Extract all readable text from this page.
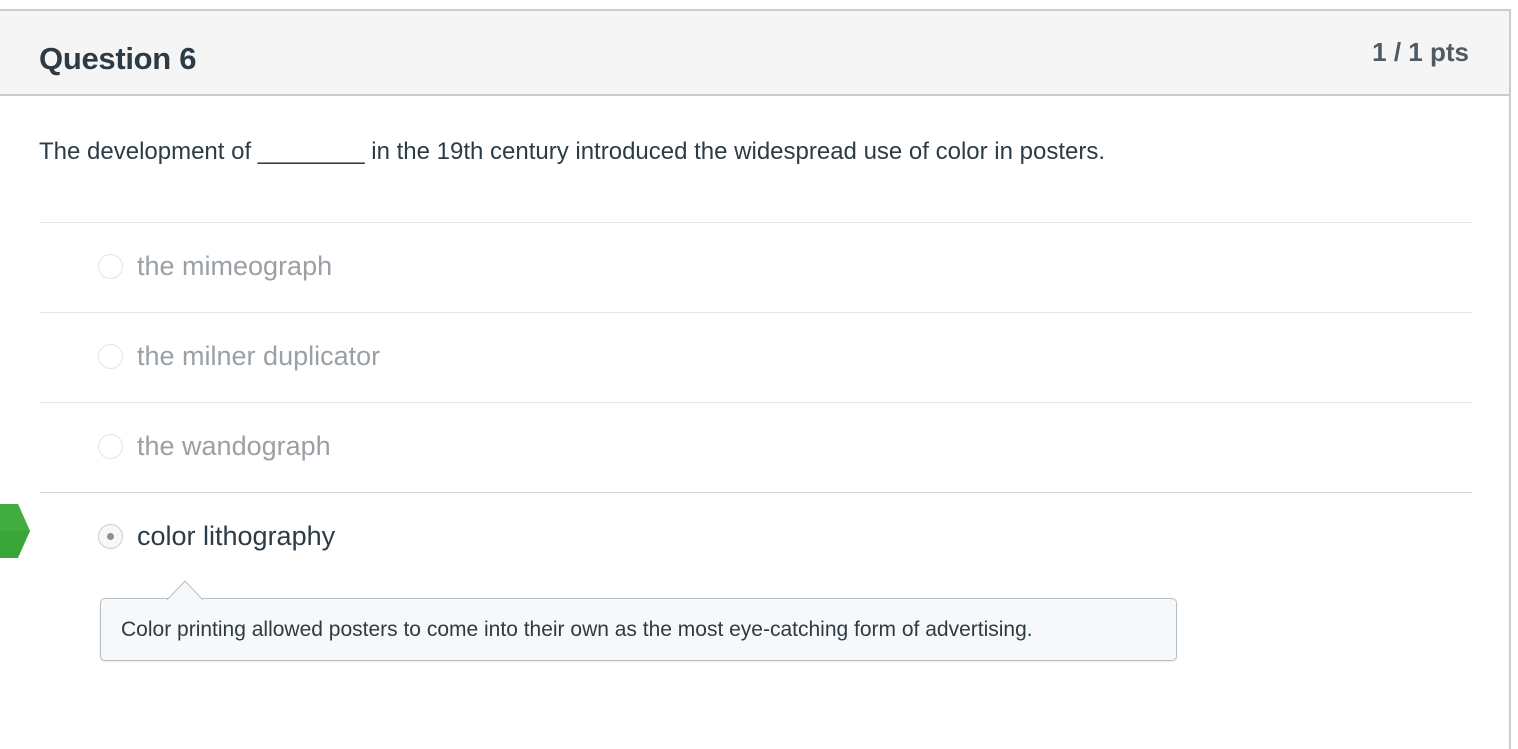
Question 6	1 / 1 pts
The development of ________ in the 19th century introduced the widespread use of color in posters.
the mimeograph
the milner duplicator
the wandograph
color lithography
Color printing allowed posters to come into their own as the most eye-catching form of advertising.
